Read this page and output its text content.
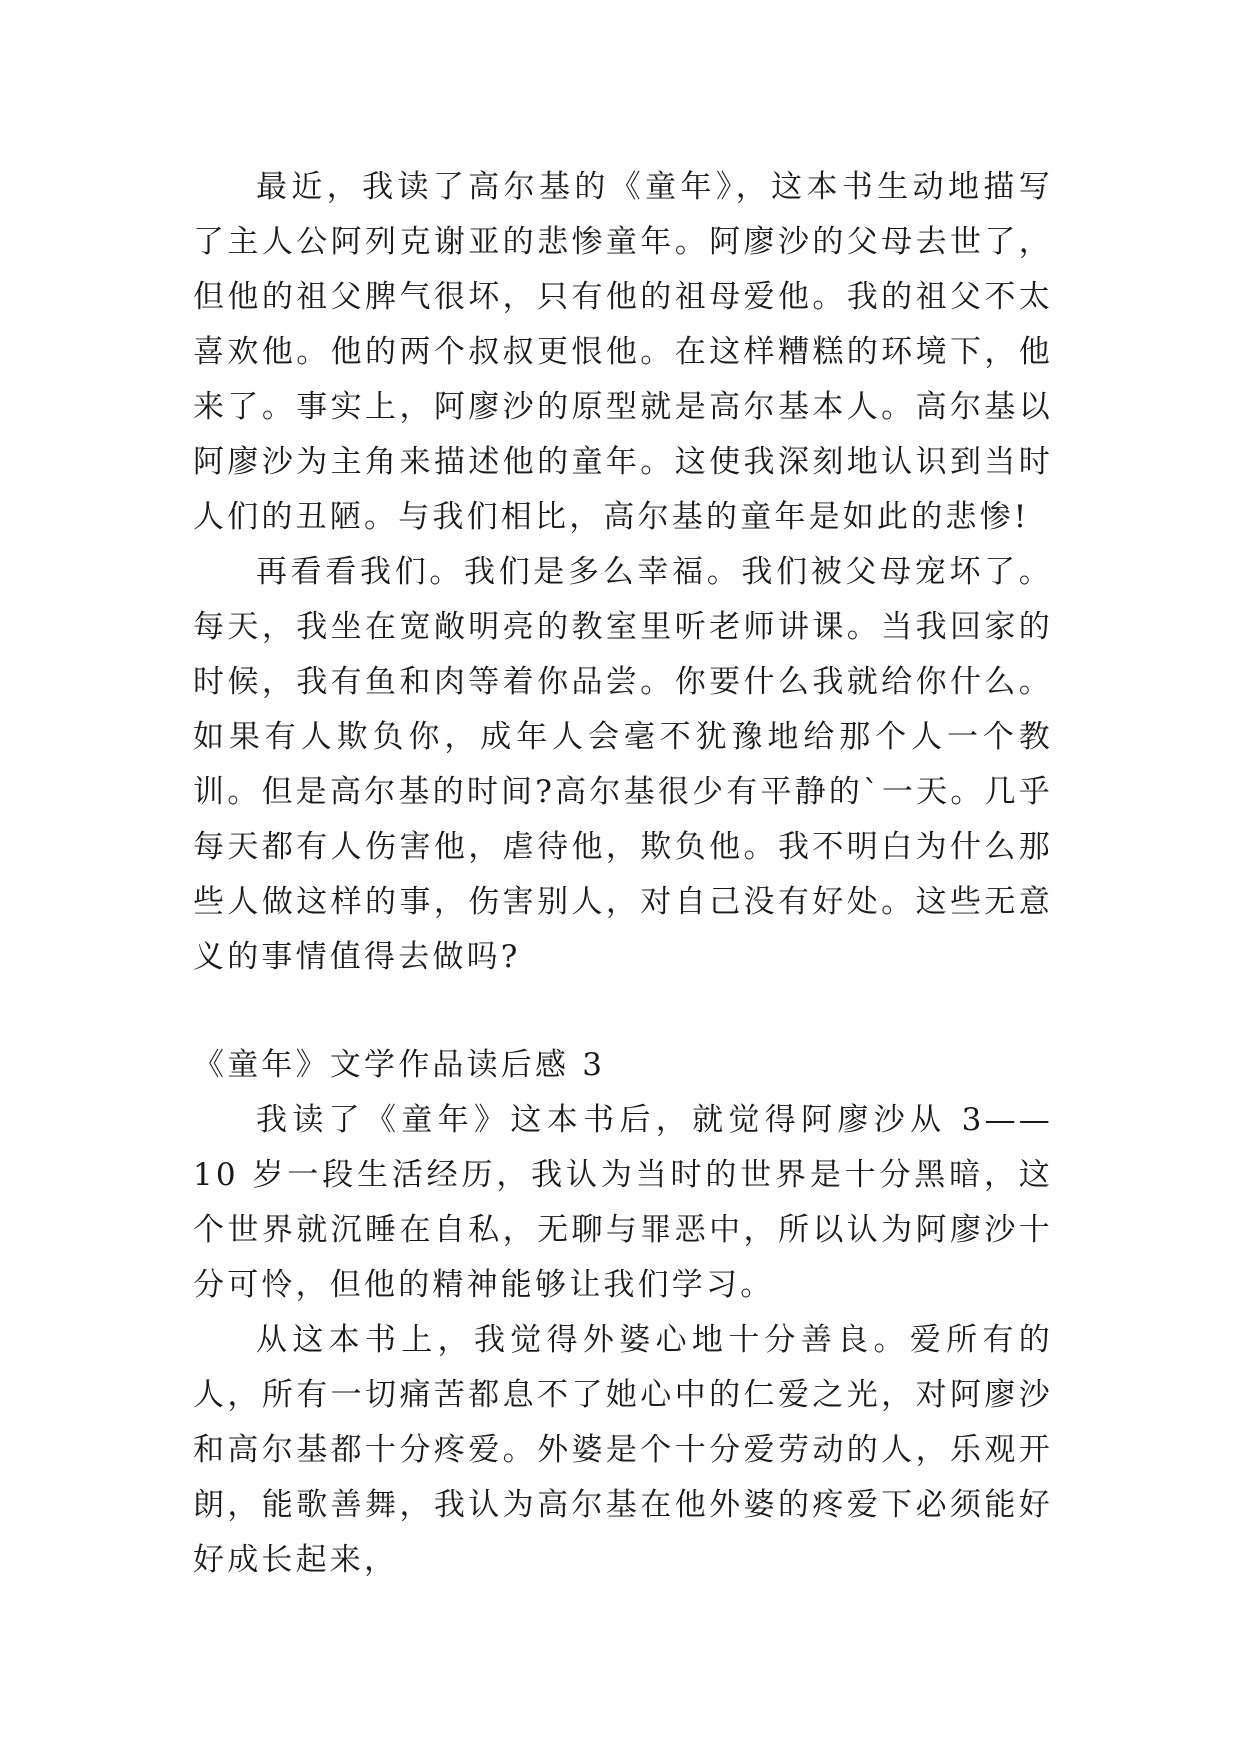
最近，我读了高尔基的《童年》，这本书生动地描写了主人公阿列克谢亚的悲惨童年。阿廖沙的父母去世了，但他的祖父脾气很坏，只有他的祖母爱他。我的祖父不太喜欢他。他的两个叔叔更恨他。在这样糟糕的环境下，他来了。事实上，阿廖沙的原型就是高尔基本人。高尔基以阿廖沙为主角来描述他的童年。这使我深刻地认识到当时人们的丑陋。与我们相比，高尔基的童年是如此的悲惨!

再看看我们。我们是多么幸福。我们被父母宠坏了。每天，我坐在宽敞明亮的教室里听老师讲课。当我回家的时候，我有鱼和肉等着你品尝。你要什么我就给你什么。如果有人欺负你，成年人会毫不犹豫地给那个人一个教训。但是高尔基的时间?高尔基很少有平静的`一天。几乎每天都有人伤害他，虐待他，欺负他。我不明白为什么那些人做这样的事，伤害别人，对自己没有好处。这些无意义的事情值得去做吗?

《童年》文学作品读后感 3

我读了《童年》这本书后，就觉得阿廖沙从 3——10 岁一段生活经历，我认为当时的世界是十分黑暗，这个世界就沉睡在自私，无聊与罪恶中，所以认为阿廖沙十分可怜，但他的精神能够让我们学习。

从这本书上，我觉得外婆心地十分善良。爱所有的人，所有一切痛苦都息不了她心中的仁爱之光，对阿廖沙和高尔基都十分疼爱。外婆是个十分爱劳动的人，乐观开朗，能歌善舞，我认为高尔基在他外婆的疼爱下必须能好好成长起来，
